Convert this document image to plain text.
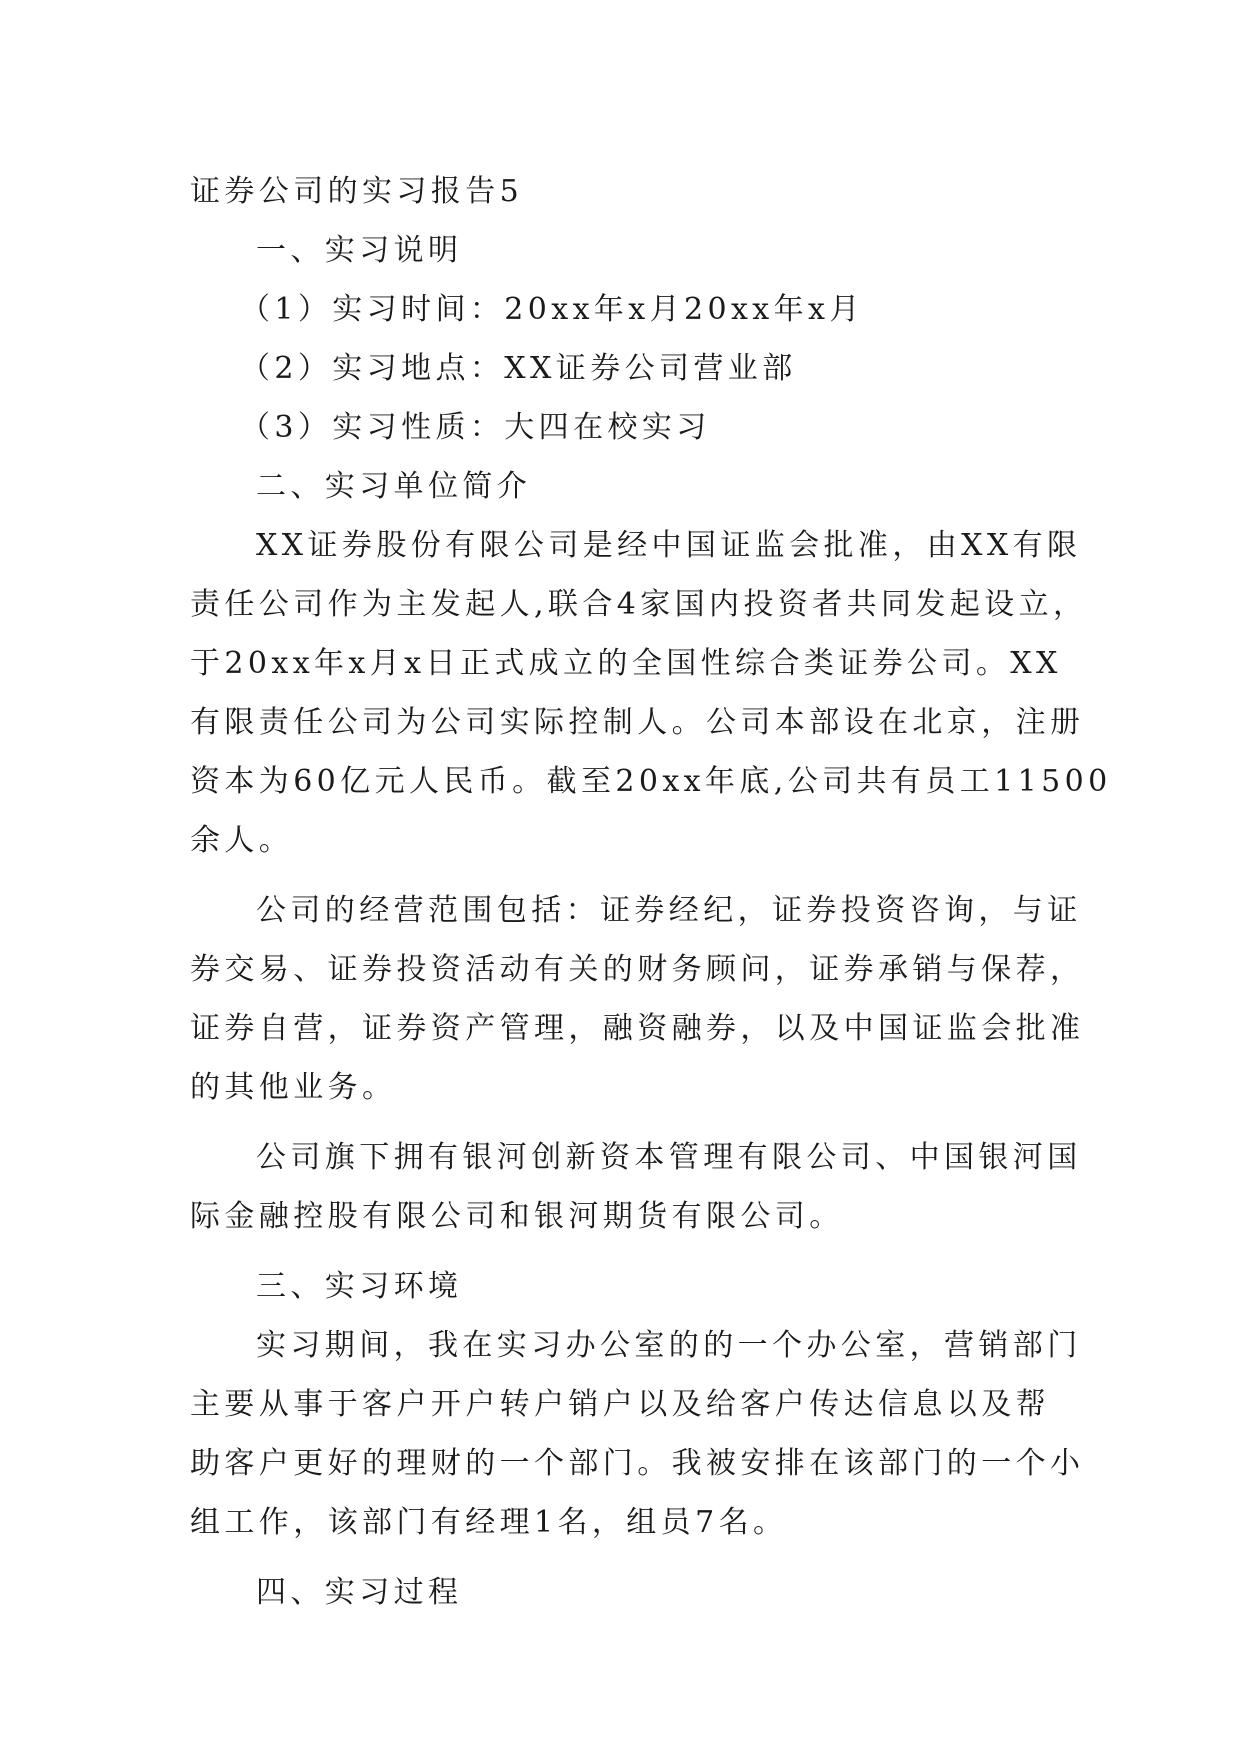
证券公司的实习报告5
一、实习说明
（1）实习时间：20xx年x月20xx年x月
（2）实习地点：XX证券公司营业部
（3）实习性质：大四在校实习
二、实习单位简介
XX证券股份有限公司是经中国证监会批准，由XX有限
责任公司作为主发起人,联合4家国内投资者共同发起设立，
于20xx年x月x日正式成立的全国性综合类证券公司。XX
有限责任公司为公司实际控制人。公司本部设在北京，注册
资本为60亿元人民币。截至20xx年底,公司共有员工11500
余人。
公司的经营范围包括：证券经纪，证券投资咨询，与证
券交易、证券投资活动有关的财务顾问，证券承销与保荐，
证券自营，证券资产管理，融资融券，以及中国证监会批准
的其他业务。
公司旗下拥有银河创新资本管理有限公司、中国银河国
际金融控股有限公司和银河期货有限公司。
三、实习环境
实习期间，我在实习办公室的的一个办公室，营销部门
主要从事于客户开户转户销户以及给客户传达信息以及帮
助客户更好的理财的一个部门。我被安排在该部门的一个小
组工作，该部门有经理1名，组员7名。
四、实习过程
